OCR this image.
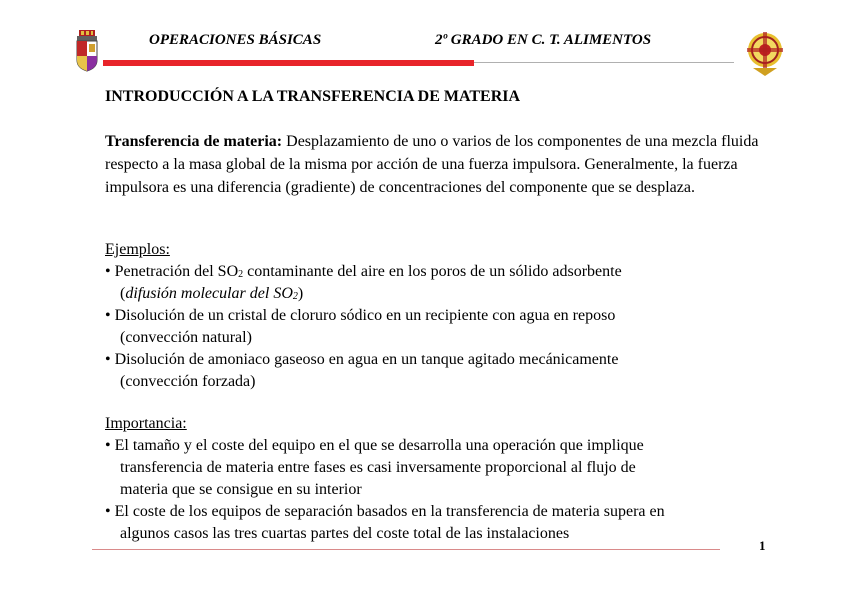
OPERACIONES BÁSICAS	2º GRADO EN C. T. ALIMENTOS
INTRODUCCIÓN A LA TRANSFERENCIA DE MATERIA
Transferencia de materia: Desplazamiento de uno o varios de los componentes de una mezcla fluida respecto a la masa global de la misma por acción de una fuerza impulsora. Generalmente, la fuerza impulsora es una diferencia (gradiente) de concentraciones del componente que se desplaza.
Ejemplos:
• Penetración del $SO_2$ contaminante del aire en los poros de un sólido adsorbente
(difusión molecular del $SO_2$)
• Disolución de un cristal de cloruro sódico en un recipiente con agua en reposo
(convección natural)
• Disolución de amoniaco gaseoso en agua en un tanque agitado mecánicamente
(convección forzada)
Importancia:
• El tamaño y el coste del equipo en el que se desarrolla una operación que implique
transferencia de materia entre fases es casi inversamente proporcional al flujo de
materia que se consigue en su interior
• El coste de los equipos de separación basados en la transferencia de materia supera en
algunos casos las tres cuartas partes del coste total de las instalaciones
1
